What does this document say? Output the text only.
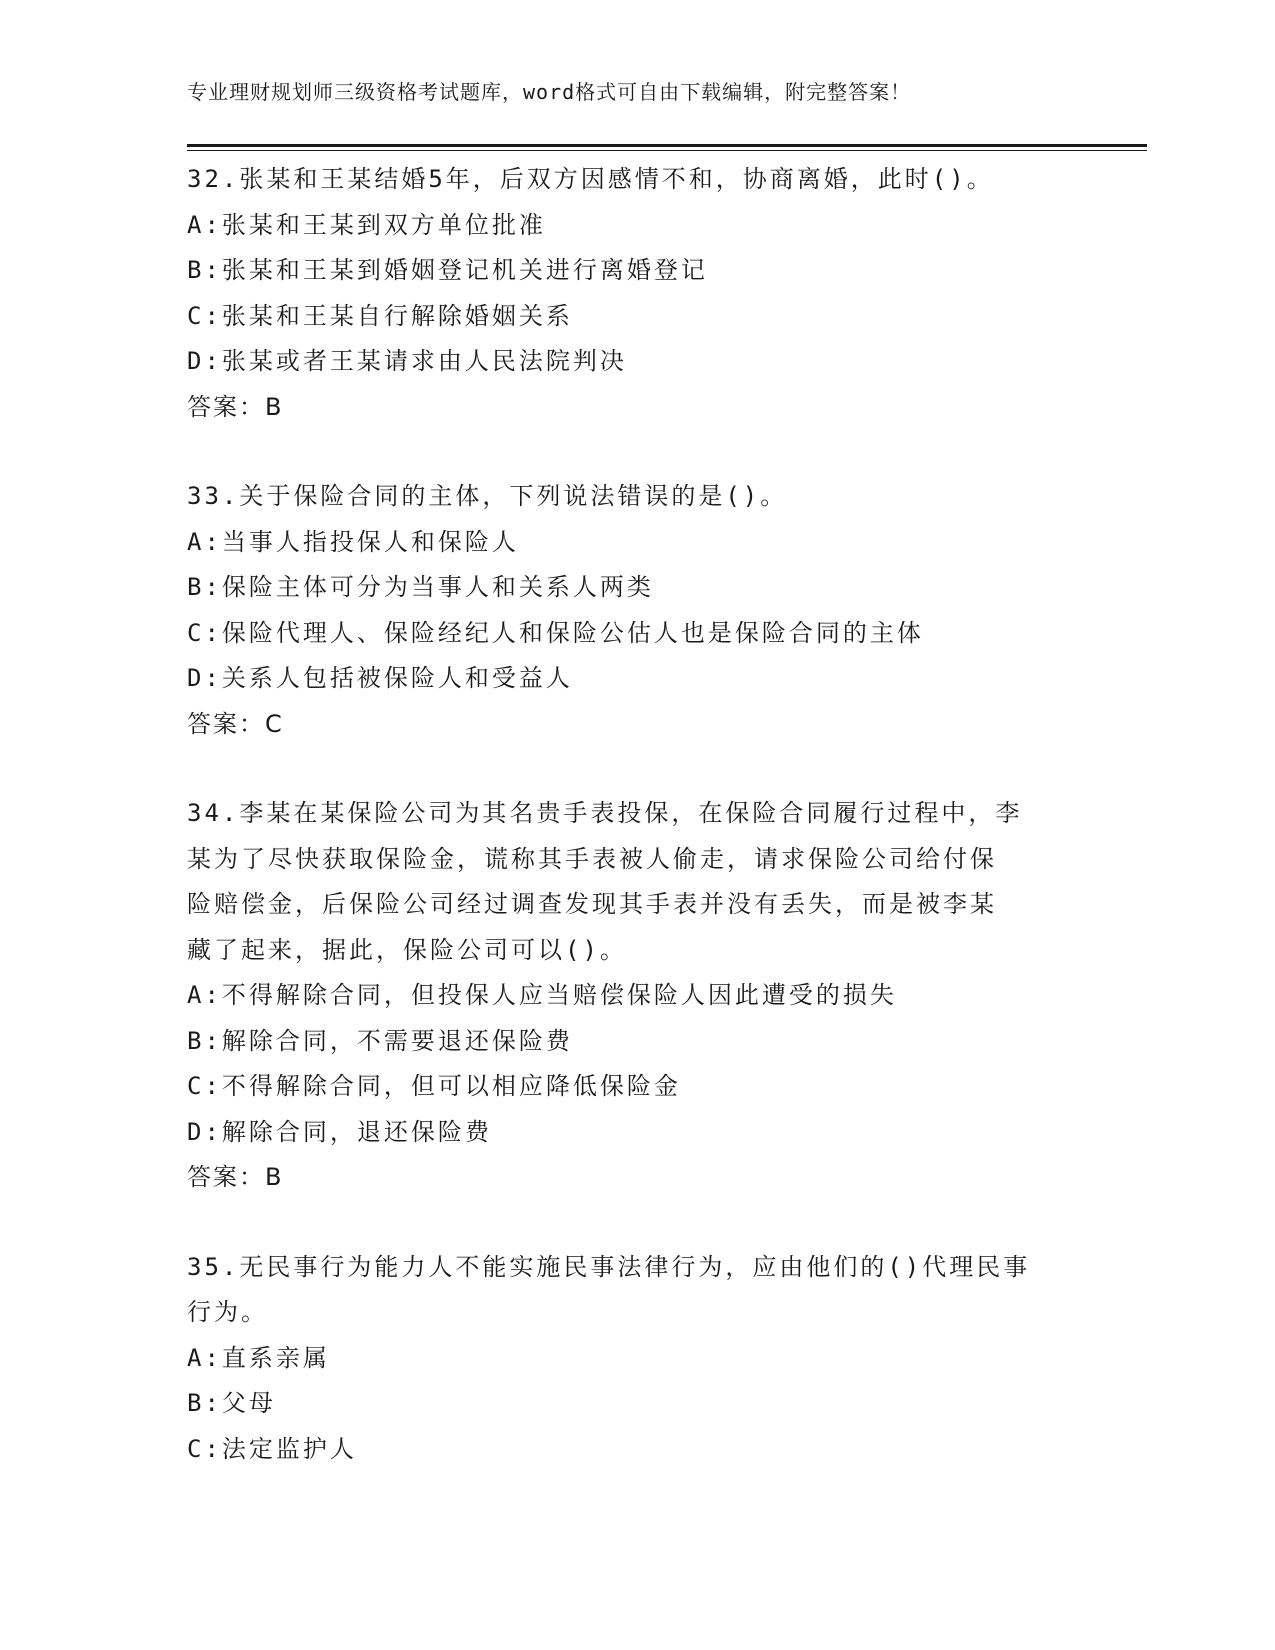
专业理财规划师三级资格考试题库，word格式可自由下载编辑，附完整答案！
32.张某和王某结婚5年，后双方因感情不和，协商离婚，此时()。
A:张某和王某到双方单位批准
B:张某和王某到婚姻登记机关进行离婚登记
C:张某和王某自行解除婚姻关系
D:张某或者王某请求由人民法院判决
答案：B
33.关于保险合同的主体，下列说法错误的是()。
A:当事人指投保人和保险人
B:保险主体可分为当事人和关系人两类
C:保险代理人、保险经纪人和保险公估人也是保险合同的主体
D:关系人包括被保险人和受益人
答案：C
34.李某在某保险公司为其名贵手表投保，在保险合同履行过程中，李
某为了尽快获取保险金，谎称其手表被人偷走，请求保险公司给付保
险赔偿金，后保险公司经过调查发现其手表并没有丢失，而是被李某
藏了起来，据此，保险公司可以()。
A:不得解除合同，但投保人应当赔偿保险人因此遭受的损失
B:解除合同，不需要退还保险费
C:不得解除合同，但可以相应降低保险金
D:解除合同，退还保险费
答案：B
35.无民事行为能力人不能实施民事法律行为，应由他们的()代理民事
行为。
A:直系亲属
B:父母
C:法定监护人
